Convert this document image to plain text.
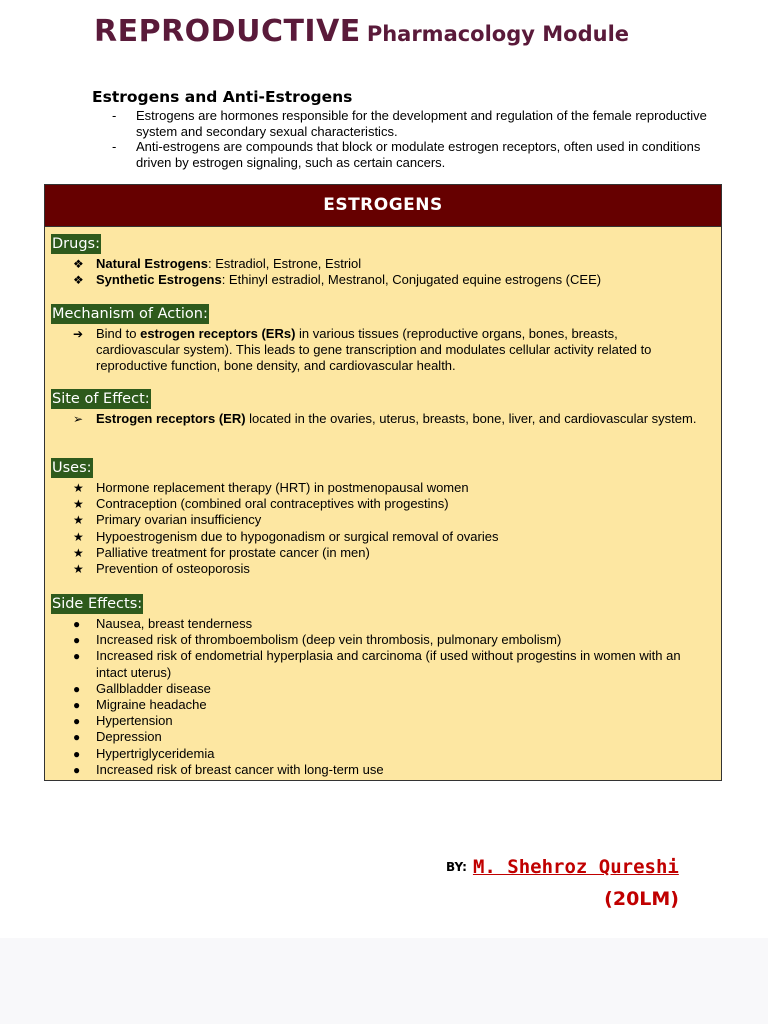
REPRODUCTIVE Pharmacology Module
Estrogens and Anti-Estrogens
- Estrogens are hormones responsible for the development and regulation of the female reproductive system and secondary sexual characteristics.
- Anti-estrogens are compounds that block or modulate estrogen receptors, often used in conditions driven by estrogen signaling, such as certain cancers.
ESTROGENS
Drugs:
❖ Natural Estrogens: Estradiol, Estrone, Estriol
❖ Synthetic Estrogens: Ethinyl estradiol, Mestranol, Conjugated equine estrogens (CEE)
Mechanism of Action:
➔ Bind to estrogen receptors (ERs) in various tissues (reproductive organs, bones, breasts, cardiovascular system). This leads to gene transcription and modulates cellular activity related to reproductive function, bone density, and cardiovascular health.
Site of Effect:
➢ Estrogen receptors (ER) located in the ovaries, uterus, breasts, bone, liver, and cardiovascular system.
Uses:
★ Hormone replacement therapy (HRT) in postmenopausal women
★ Contraception (combined oral contraceptives with progestins)
★ Primary ovarian insufficiency
★ Hypoestrogenism due to hypogonadism or surgical removal of ovaries
★ Palliative treatment for prostate cancer (in men)
★ Prevention of osteoporosis
Side Effects:
● Nausea, breast tenderness
● Increased risk of thromboembolism (deep vein thrombosis, pulmonary embolism)
● Increased risk of endometrial hyperplasia and carcinoma (if used without progestins in women with an intact uterus)
● Gallbladder disease
● Migraine headache
● Hypertension
● Depression
● Hypertriglyceridemia
● Increased risk of breast cancer with long-term use
BY: M. Shehroz Qureshi
(20LM)
